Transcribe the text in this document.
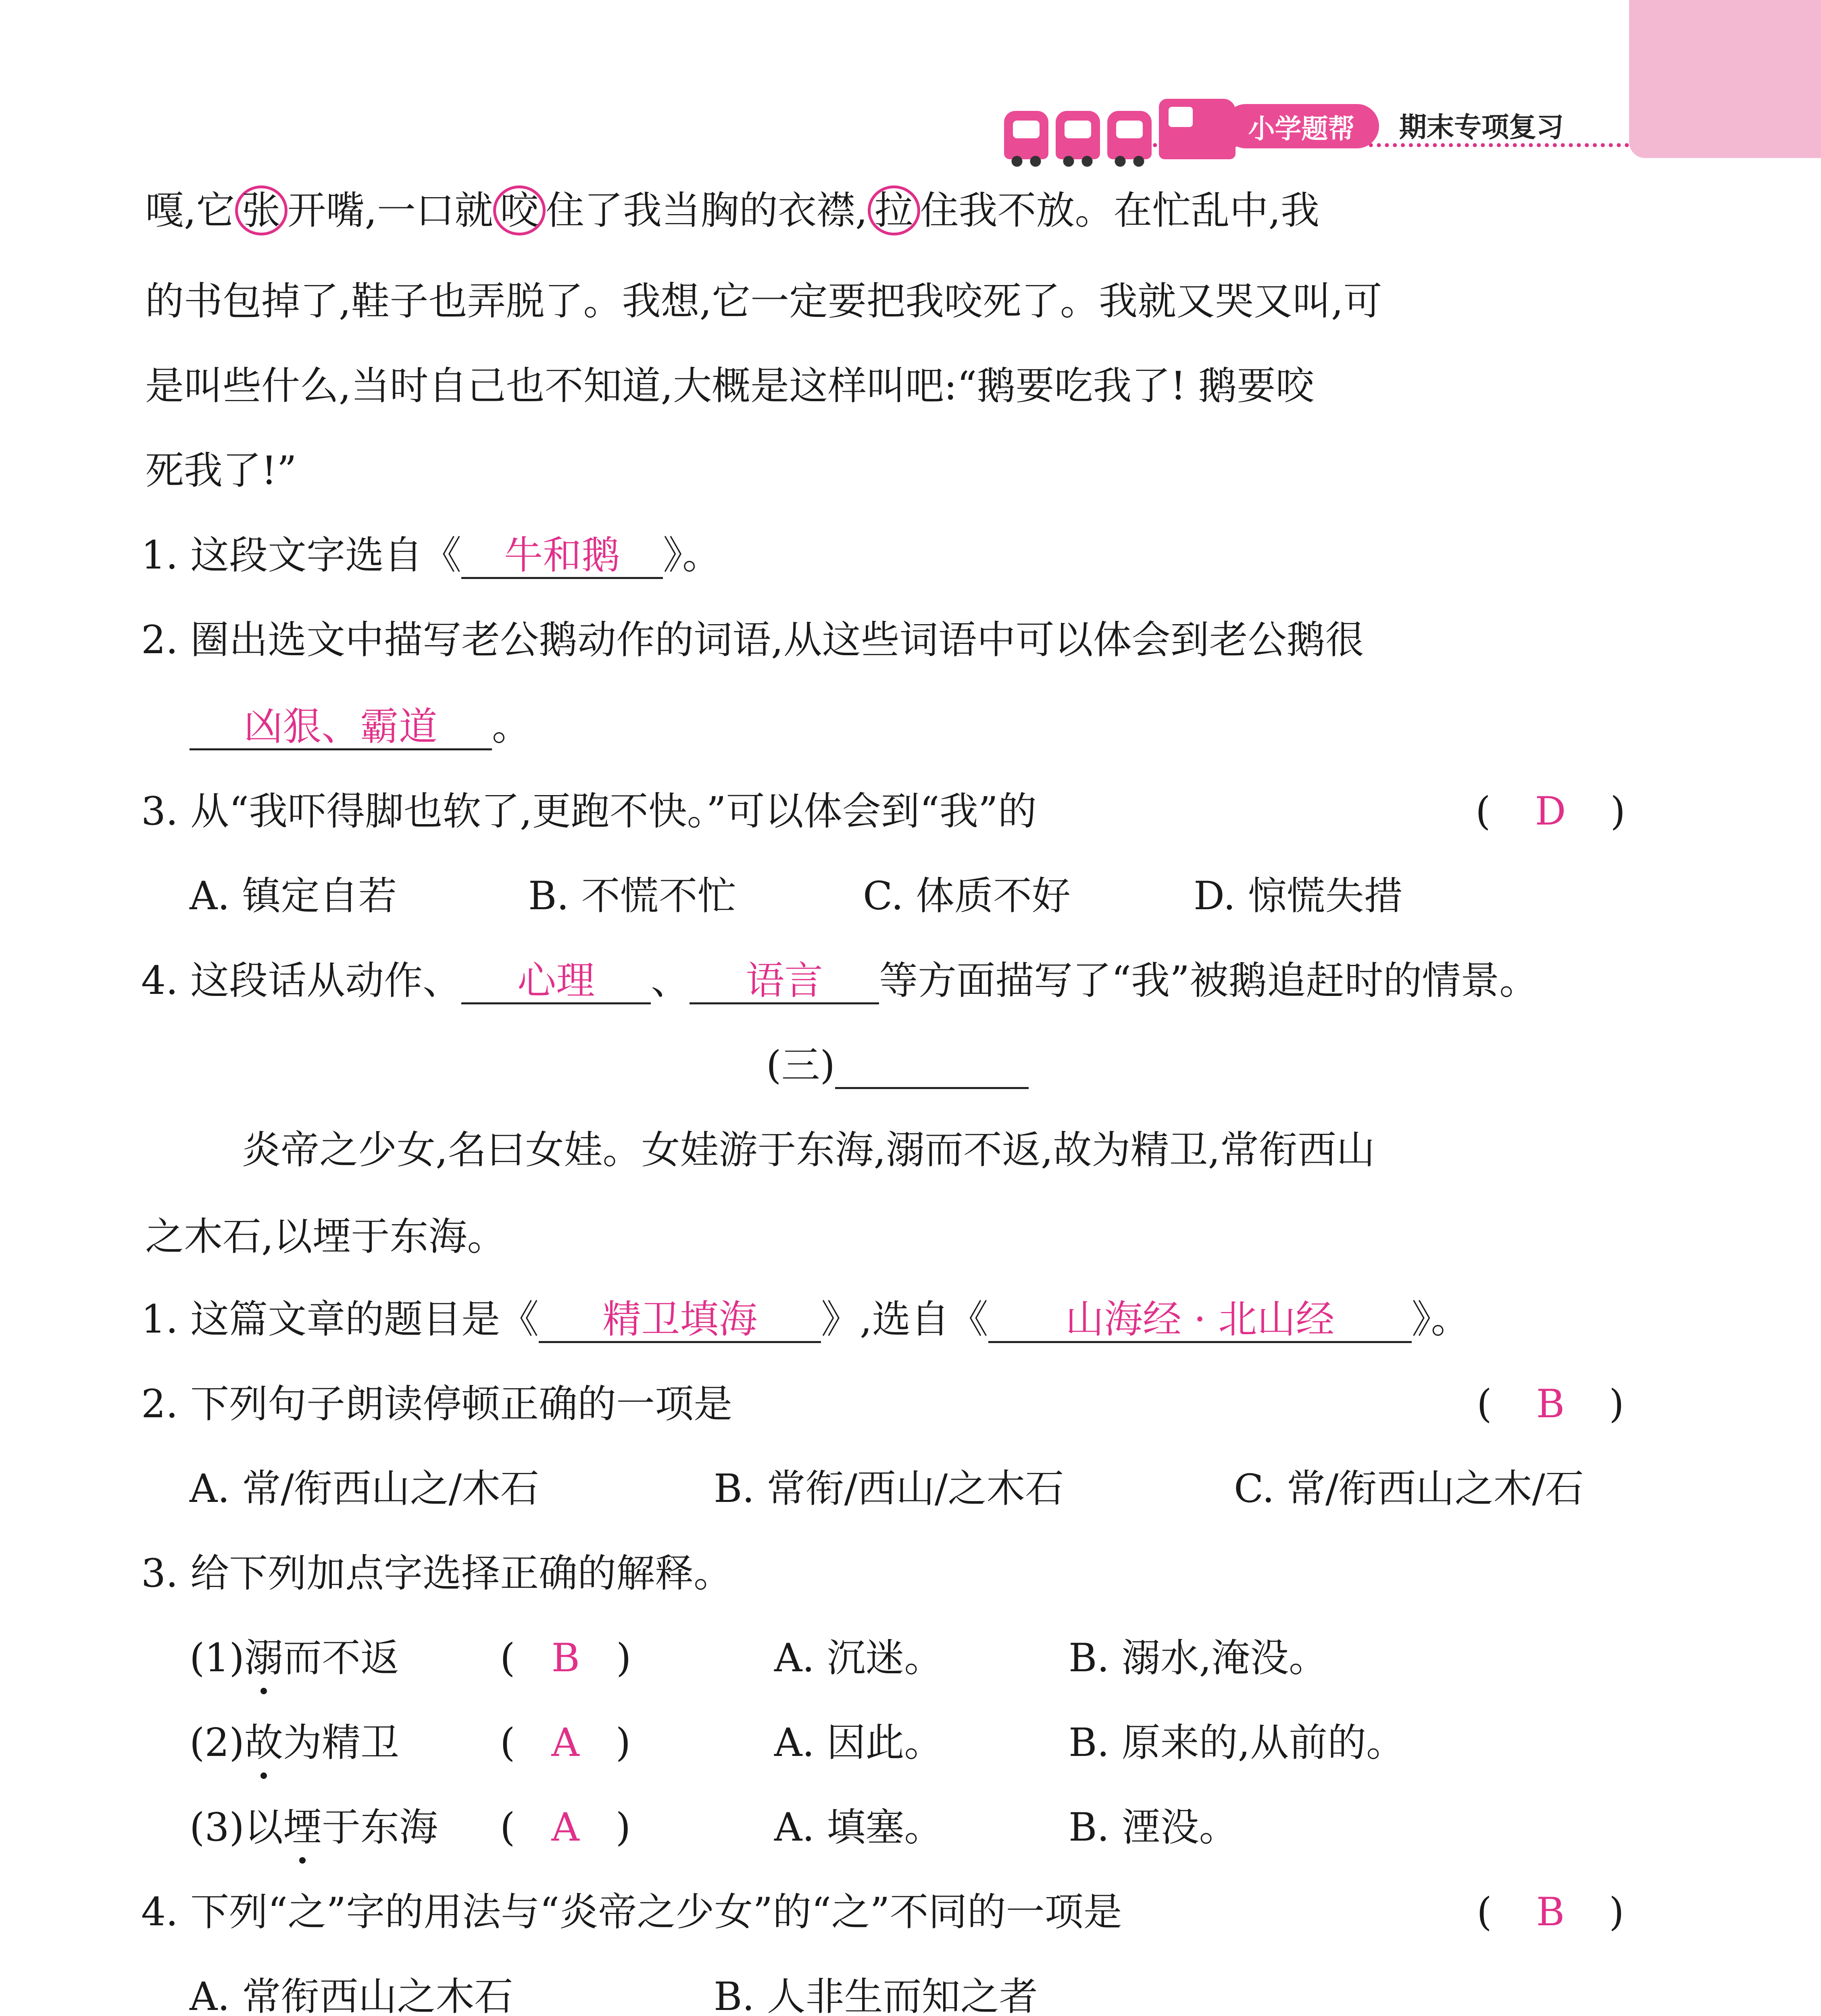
小学题帮	期末专项复习
嘎,它 张 开嘴,一口就 咬 住了我当胸的衣襟, 拉 住我不放。在忙乱中,我
的书包掉了,鞋子也弄脱了。我想,它一定要把我咬死了。我就又哭又叫,可
是叫些什么,当时自己也不知道,大概是这样叫吧:“鹅要吃我了! 鹅要咬
死我了!”
1. 这段文字选自《 牛和鹅 》。
2. 圈出选文中描写老公鹅动作的词语,从这些词语中可以体会到老公鹅很
凶狠、霸道 。
3. 从“我吓得脚也软了,更跑不快。”可以体会到“我”的	( D )
A. 镇定自若	B. 不慌不忙	C. 体质不好	D. 惊慌失措
4. 这段话从动作、 心理 、 语言 等方面描写了“我”被鹅追赶时的情景。
(三)
炎帝之少女,名曰女娃。女娃游于东海,溺而不返,故为精卫,常衔西山
之木石,以堙于东海。
1. 这篇文章的题目是《 精卫填海 》,选自《 山海经 · 北山经 》。
2. 下列句子朗读停顿正确的一项是	( B )
A. 常/衔西山之/木石	B. 常衔/西山/之木石	C. 常/衔西山之木/石
3. 给下列加点字选择正确的解释。
(1)溺而不返	( B )	A. 沉迷。	B. 溺水,淹没。
(2)故为精卫	( A )	A. 因此。	B. 原来的,从前的。
(3)以堙于东海 ( A )	A. 填塞。	B. 湮没。
4. 下列“之”字的用法与“炎帝之少女”的“之”不同的一项是	( B )
A. 常衔西山之木石	B. 人非生而知之者
